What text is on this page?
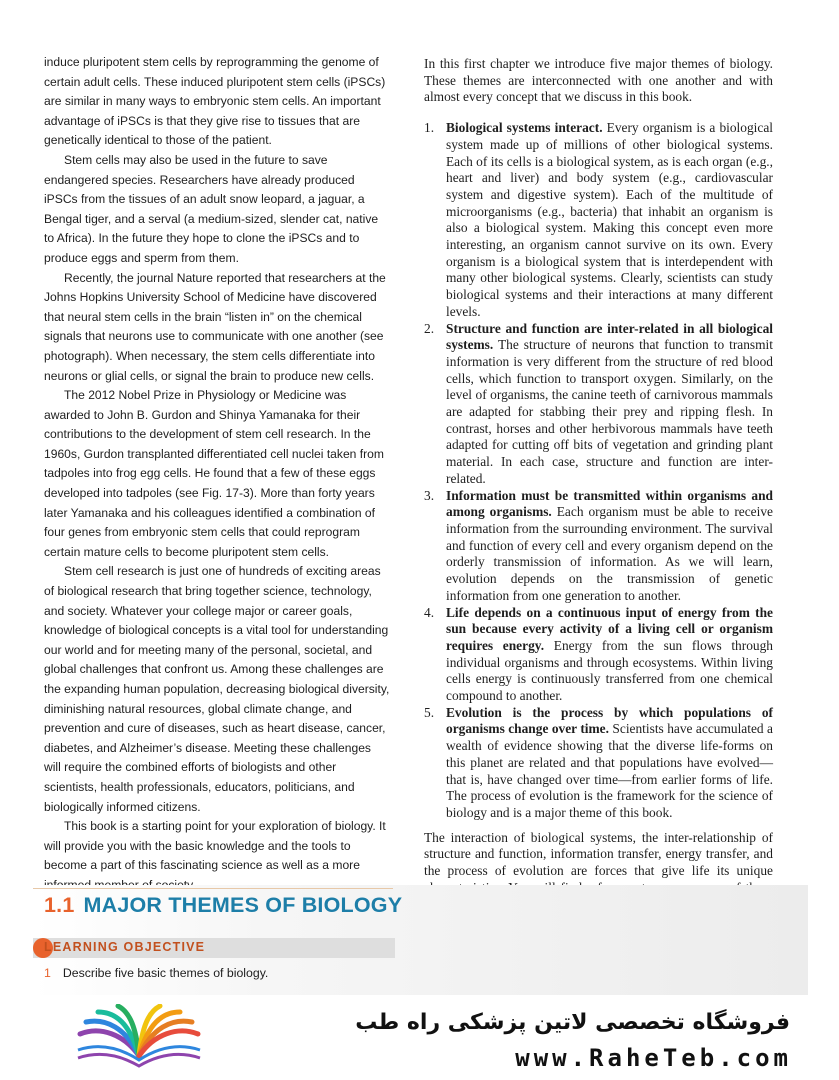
induce pluripotent stem cells by reprogramming the genome of certain adult cells. These induced pluripotent stem cells (iPSCs) are similar in many ways to embryonic stem cells. An important advantage of iPSCs is that they give rise to tissues that are genetically identical to those of the patient.

Stem cells may also be used in the future to save endangered species. Researchers have already produced iPSCs from the tissues of an adult snow leopard, a jaguar, a Bengal tiger, and a serval (a medium-sized, slender cat, native to Africa). In the future they hope to clone the iPSCs and to produce eggs and sperm from them.

Recently, the journal Nature reported that researchers at the Johns Hopkins University School of Medicine have discovered that neural stem cells in the brain “listen in” on the chemical signals that neurons use to communicate with one another (see photograph). When necessary, the stem cells differentiate into neurons or glial cells, or signal the brain to produce new cells.

The 2012 Nobel Prize in Physiology or Medicine was awarded to John B. Gurdon and Shinya Yamanaka for their contributions to the development of stem cell research. In the 1960s, Gurdon transplanted differentiated cell nuclei taken from tadpoles into frog egg cells. He found that a few of these eggs developed into tadpoles (see Fig. 17-3). More than forty years later Yamanaka and his colleagues identified a combination of four genes from embryonic stem cells that could reprogram certain mature cells to become pluripotent stem cells.

Stem cell research is just one of hundreds of exciting areas of biological research that bring together science, technology, and society. Whatever your college major or career goals, knowledge of biological concepts is a vital tool for understanding our world and for meeting many of the personal, societal, and global challenges that confront us. Among these challenges are the expanding human population, decreasing biological diversity, diminishing natural resources, global climate change, and prevention and cure of diseases, such as heart disease, cancer, diabetes, and Alzheimer’s disease. Meeting these challenges will require the combined efforts of biologists and other scientists, health professionals, educators, politicians, and biologically informed citizens.

This book is a starting point for your exploration of biology. It will provide you with the basic knowledge and the tools to become a part of this fascinating science as well as a more

In this first chapter we introduce five major themes of biology. These themes are interconnected with one another and with almost every concept that we discuss in this book.

1. Biological systems interact. Every organism is a biological system made up of millions of other biological systems. Each of its cells is a biological system, as is each organ (e.g., heart and liver) and body system (e.g., cardiovascular system and digestive system). Each of the multitude of microorganisms (e.g., bacteria) that inhabit an organism is also a biological system. Making this concept even more interesting, an organism cannot survive on its own. Every organism is a biological system that is interdependent with many other biological systems. Clearly, scientists can study biological systems and their interactions at many different levels.
2. Structure and function are inter-related in all biological systems. The structure of neurons that function to transmit information is very different from the structure of red blood cells, which function to transport oxygen. Similarly, on the level of organisms, the canine teeth of carnivorous mammals are adapted for stabbing their prey and ripping flesh. In contrast, horses and other herbivorous mammals have teeth adapted for cutting off bits of vegetation and grinding plant material. In each case, structure and function are inter-related.
3. Information must be transmitted within organisms and among organisms. Each organism must be able to receive information from the surrounding environment. The survival and function of every cell and every organism depend on the orderly transmission of information. As we will learn, evolution depends on the transmission of genetic information from one generation to another.
4. Life depends on a continuous input of energy from the sun because every activity of a living cell or organism requires energy. Energy from the sun flows through individual organisms and through ecosystems. Within living cells energy is continuously transferred from one chemical compound to another.
5. Evolution is the process by which populations of organisms change over time. Scientists have accumulated a wealth of evidence showing that the diverse life-forms on this planet are related and that populations have evolved—that is, have changed over time—from earlier forms of life. The process of evolution is the framework for the science of biology and is a major theme of this book.

The interaction of biological systems, the inter-relationship of structure and function, information transfer, energy transfer, and the process of evolution are forces that give life its unique

1.1 MAJOR THEMES OF BIOLOGY
LEARNING OBJECTIVE
1 Describe five basic themes of biology.
فروشگاه تخصصی لاتین پزشکی راه طب
www.RaheTeb.com
